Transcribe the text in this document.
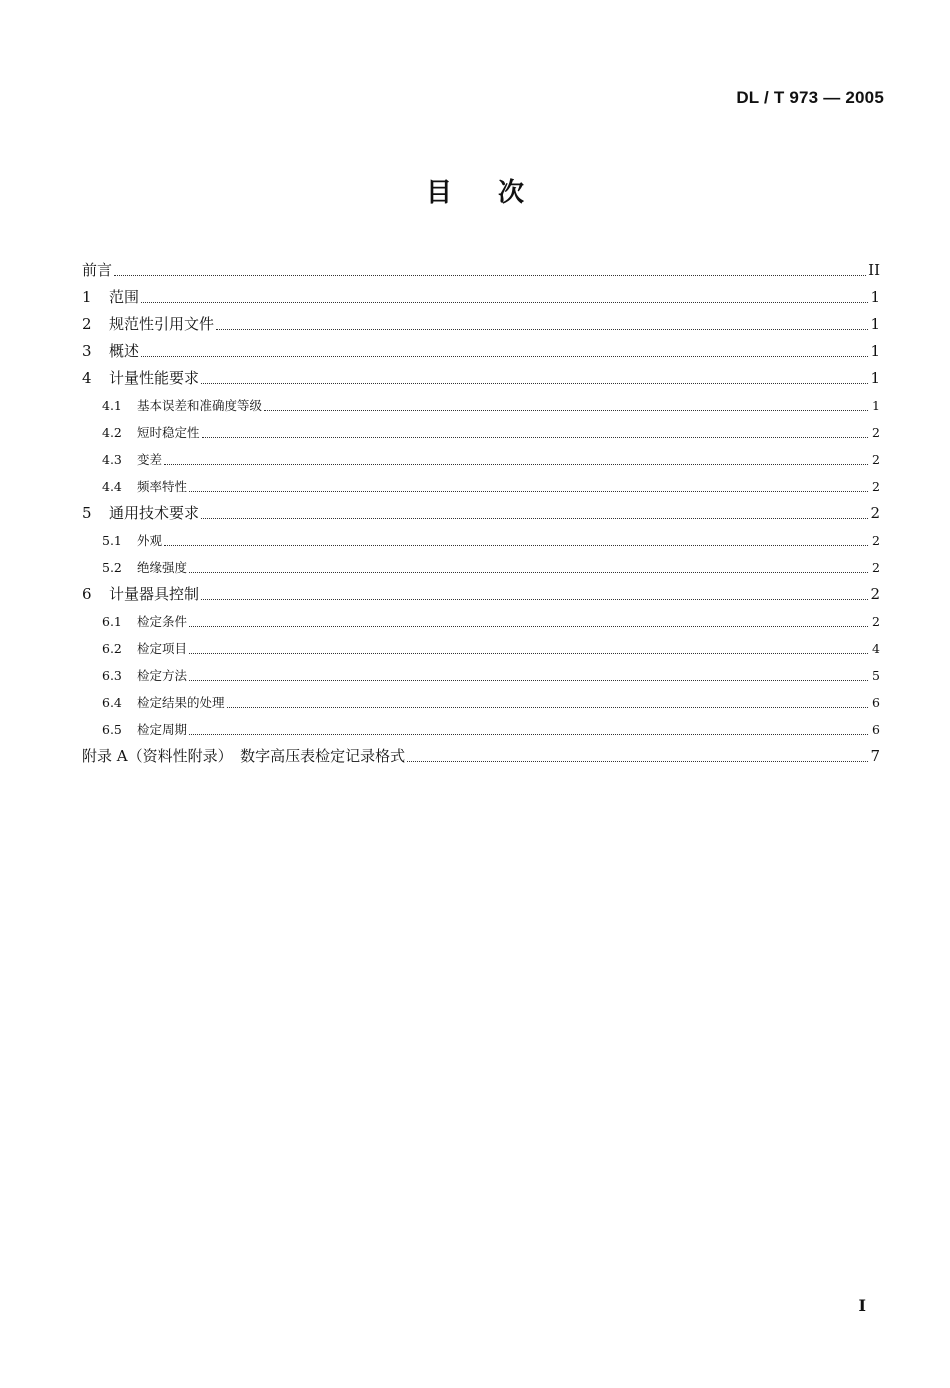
DL / T 973 — 2005
目次
前言	II
1	范围	1
2	规范性引用文件	1
3	概述	1
4	计量性能要求	1
4.1	基本误差和准确度等级	1
4.2	短时稳定性	2
4.3	变差	2
4.4	频率特性	2
5	通用技术要求	2
5.1	外观	2
5.2	绝缘强度	2
6	计量器具控制	2
6.1	检定条件	2
6.2	检定项目	4
6.3	检定方法	5
6.4	检定结果的处理	6
6.5	检定周期	6
附录 A（资料性附录）　数字高压表检定记录格式	7
I
